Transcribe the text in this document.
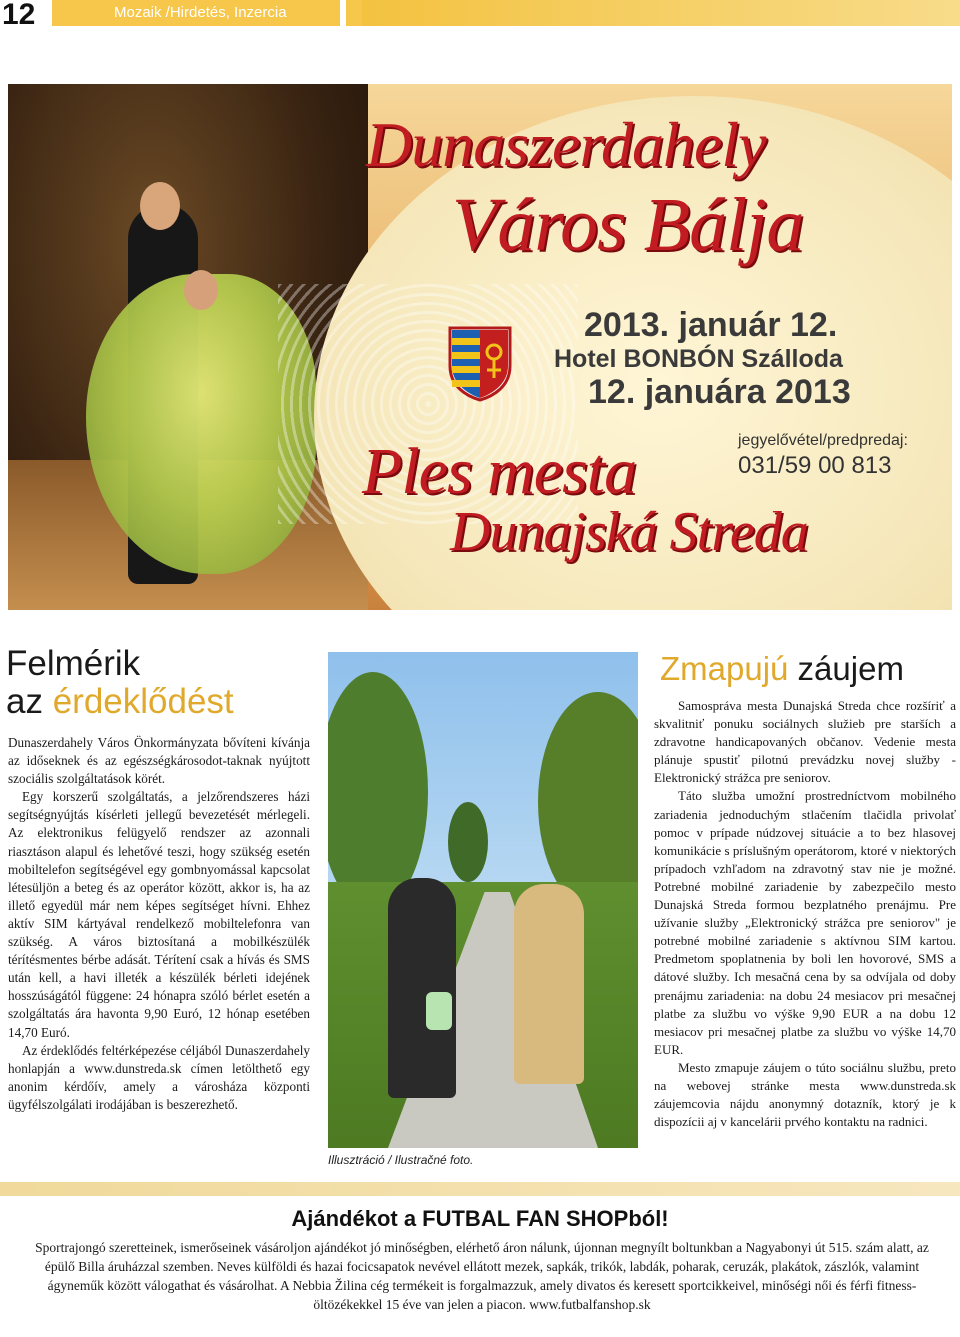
12	Mozaik /Hirdetés, Inzercia
Dunaszerdahely
Város Bálja
2013. január 12.
Hotel BONBÓN Szálloda
12. januára 2013
jegyelővétel/predpredaj:
031/59 00 813
Ples mesta
Dunajská Streda
Felmérik
az érdeklődést

Dunaszerdahely Város Önkormányzata bővíteni kívánja az időseknek és az egészségkárosodot-taknak nyújtott szociális szolgáltatások körét.

Egy korszerű szolgáltatás, a jelzőrendszeres házi segítségnyújtás kísérleti jellegű bevezetését mérlegeli. Az elektronikus felügyelő rendszer az azonnali riasztáson alapul és lehetővé teszi, hogy szükség esetén mobiltelefon segítségével egy gombnyomással kapcsolat létesüljön a beteg és az operátor között, akkor is, ha az illető egyedül már nem képes segítséget hívni. Ehhez aktív SIM kártyával rendelkező mobiltelefonra van szükség. A város biztosítaná a mobilkészülék térítésmentes bérbe adását. Térítení csak a hívás és SMS után kell, a havi illeték a készülék bérleti idejének hosszúságától függene: 24 hónapra szóló bérlet esetén a szolgáltatás ára havonta 9,90 Euró, 12 hónap esetében 14,70 Euró.

Az érdeklődés feltérképezése céljából Dunaszerdahely honlapján a www.dunstreda.sk címen letölthető egy anonim kérdőív, amely a városháza központi ügyfélszolgálati irodájában is beszerezhető.

Illusztráció / Ilustračné foto.
Zmapujú záujem

Samospráva mesta Dunajská Streda chce rozšíriť a skvalitniť ponuku sociálnych služieb pre starších a zdravotne handicapovaných občanov. Vedenie mesta plánuje spustiť pilotnú prevádzku novej služby - Elektronický strážca pre seniorov.

Táto služba umožní prostredníctvom mobilného zariadenia jednoduchým stlačením tlačidla privolať pomoc v prípade núdzovej situácie a to bez hlasovej komunikácie s príslušným operátorom, ktoré v niektorých prípadoch vzhľadom na zdravotný stav nie je možné. Potrebné mobilné zariadenie by zabezpečilo mesto Dunajská Streda formou bezplatného prenájmu. Pre užívanie služby „Elektronický strážca pre seniorov" je potrebné mobilné zariadenie s aktívnou SIM kartou. Predmetom spoplatnenia by boli len hovorové, SMS a dátové služby. Ich mesačná cena by sa odvíjala od doby prenájmu zariadenia: na dobu 24 mesiacov pri mesačnej platbe za službu vo výške 9,90 EUR a na dobu 12 mesiacov pri mesačnej platbe za službu vo výške 14,70 EUR.

Mesto zmapuje záujem o túto sociálnu službu, preto na webovej stránke mesta www.dunstreda.sk záujemcovia nájdu anonymný dotazník, ktorý je k dispozícii aj v kancelárii prvého kontaktu na radnici.

Ajándékot a FUTBAL FAN SHOPból!
Sportrajongó szeretteinek, ismerőseinek vásároljon ajándékot jó minőségben, elérhető áron nálunk, újonnan megnyílt boltunkban a Nagyabonyi út 515. szám alatt, az épülő Billa áruházzal szemben. Neves külföldi és hazai focicsapatok nevével ellátott mezek, sapkák, trikók, labdák, poharak, ceruzák, plakátok, zászlók, valamint ágyneműk között válogathat és vásárolhat. A Nebbia Žilina cég termékeit is forgalmazzuk, amely divatos és keresett sportcikkeivel, minőségi női és férfi fitness-öltözékekkel 15 éve van jelen a piacon. www.futbalfanshop.sk
